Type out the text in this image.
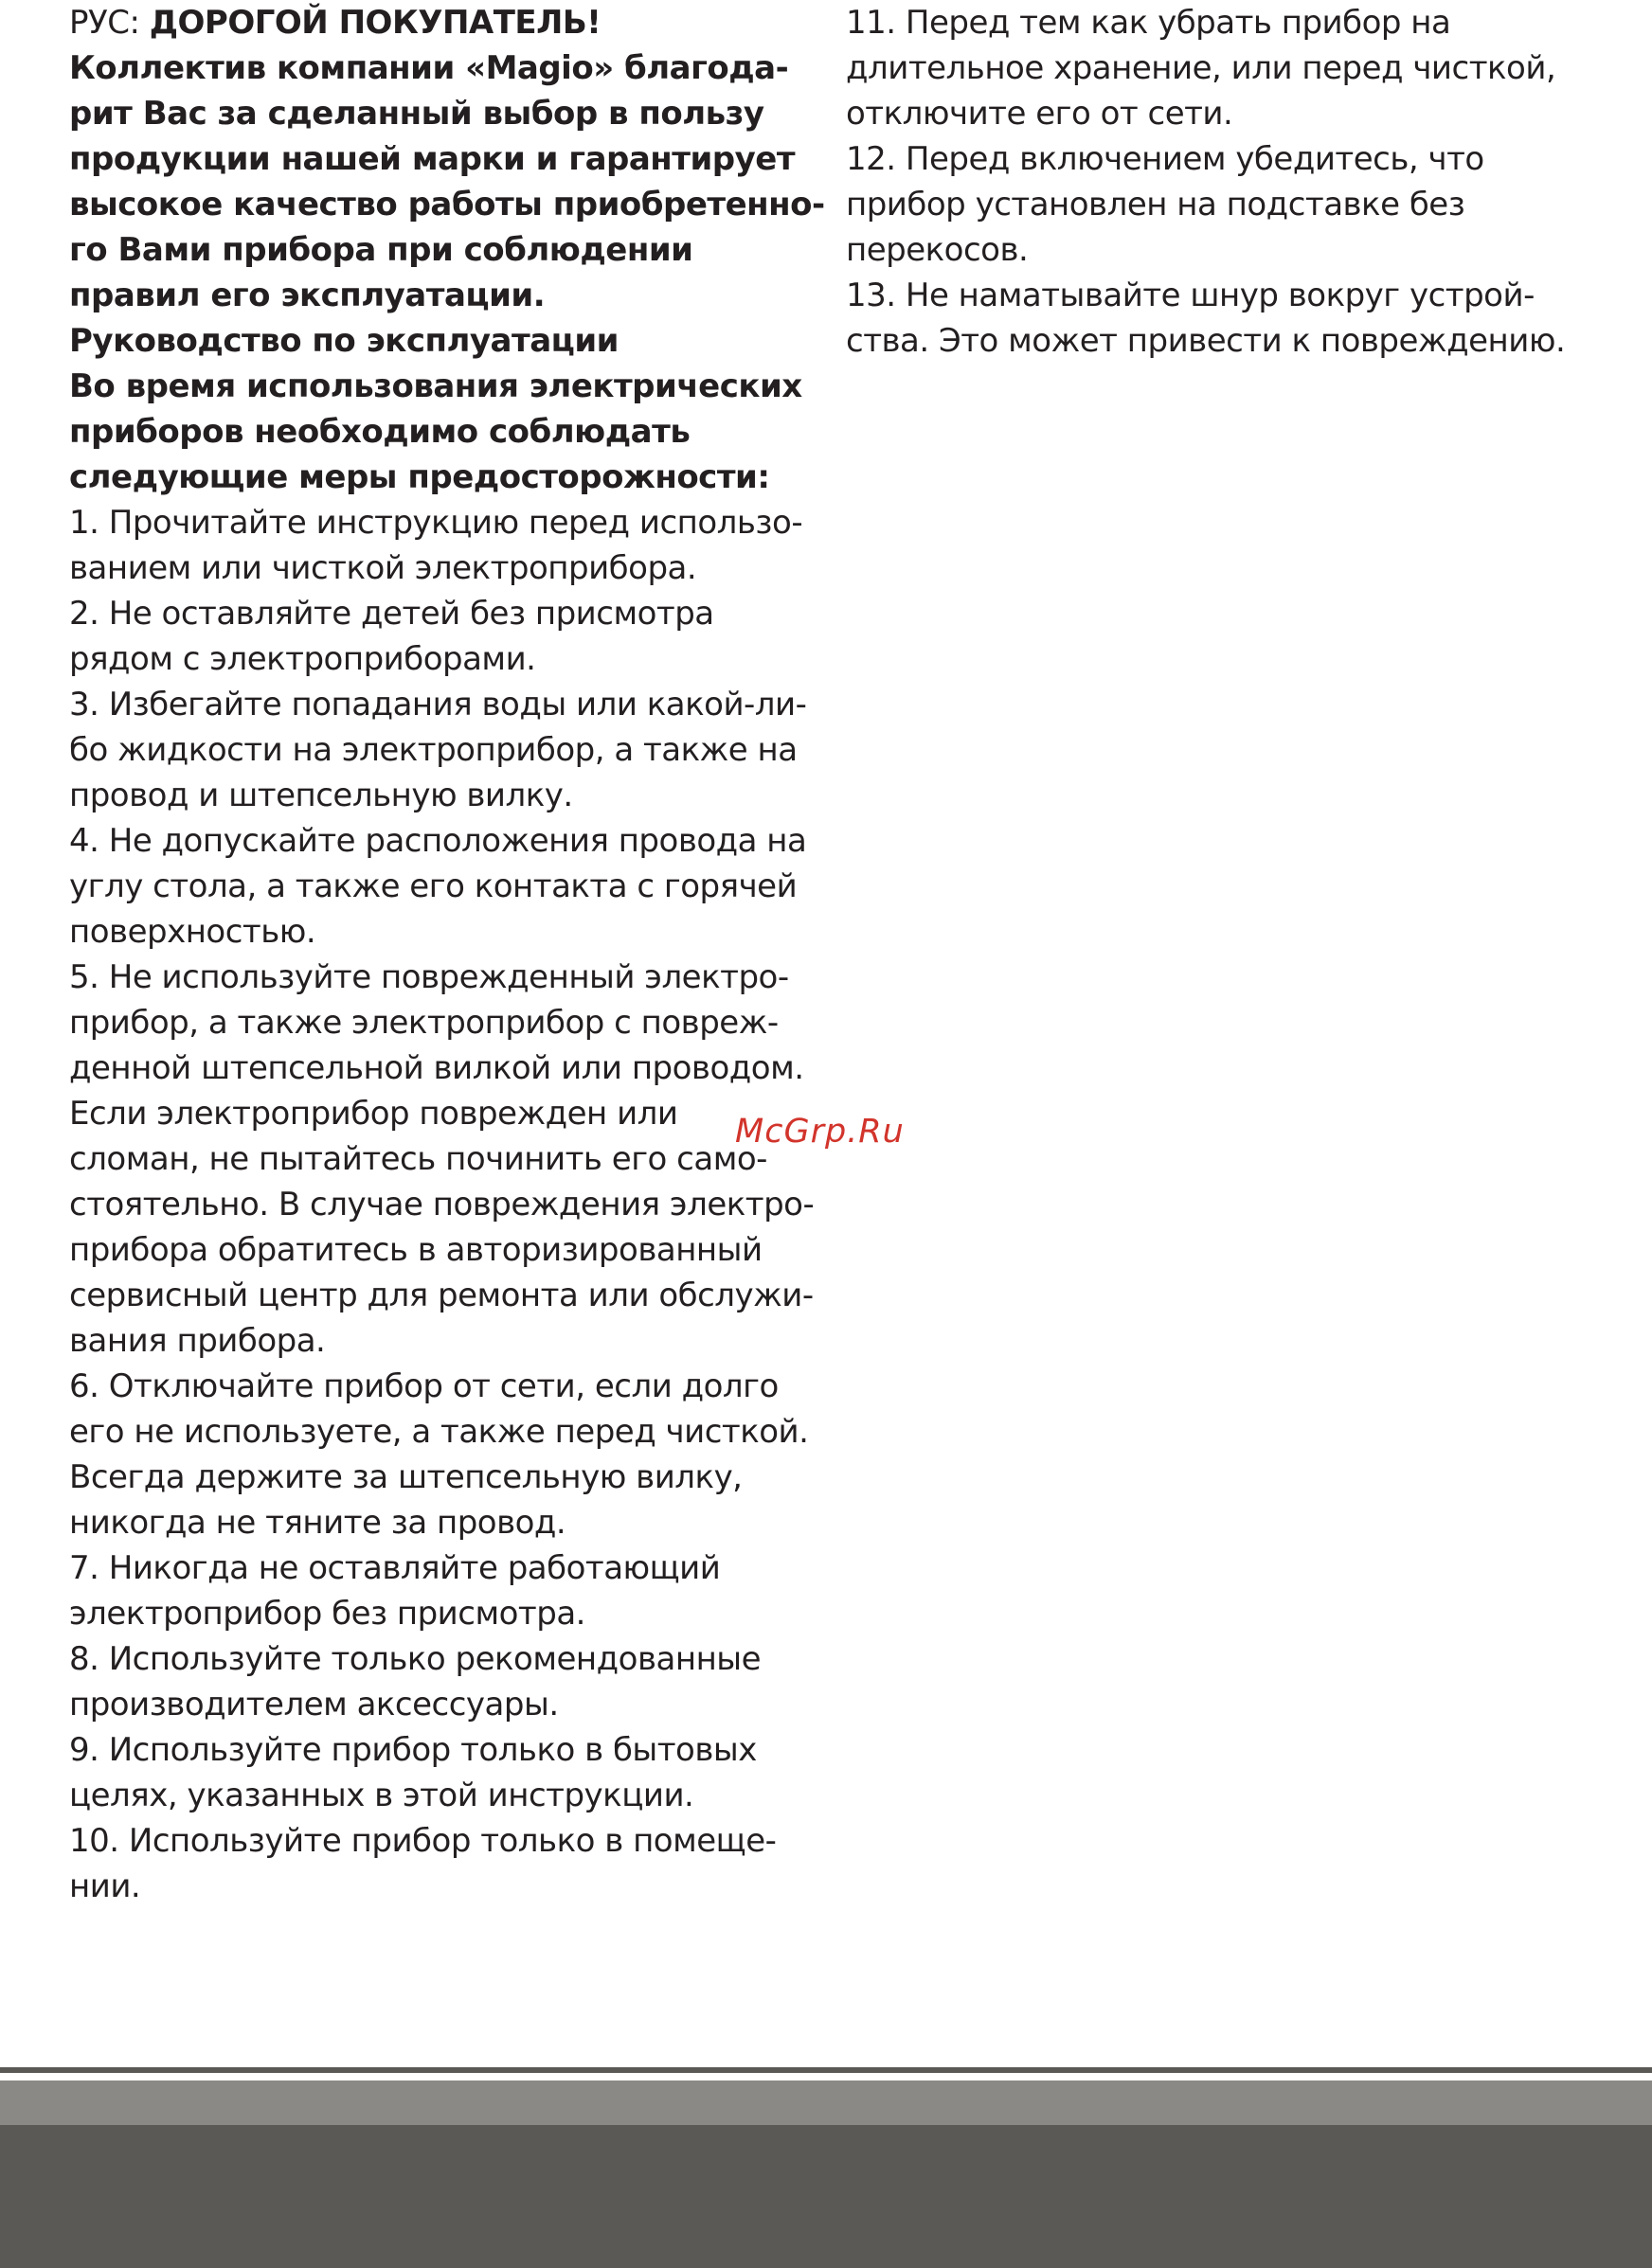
РУС: ДОРОГОЙ ПОКУПАТЕЛЬ!
Коллектив компании «Magio» благода-
рит Вас за сделанный выбор в пользу
продукции нашей марки и гарантирует
высокое качество работы приобретенно-
го Вами прибора при соблюдении
правил его эксплуатации.
Руководство по эксплуатации
Во время использования электрических
приборов необходимо соблюдать
следующие меры предосторожности:
1. Прочитайте инструкцию перед использо-
ванием или чисткой электроприбора.
2. Не оставляйте детей без присмотра
рядом с электроприборами.
3. Избегайте попадания воды или какой-ли-
бо жидкости на электроприбор, а также на
провод и штепсельную вилку.
4. Не допускайте расположения провода на
углу стола, а также его контакта с горячей
поверхностью.
5. Не используйте поврежденный электро-
прибор, а также электроприбор с повреж-
денной штепсельной вилкой или проводом.
Если электроприбор поврежден или
сломан, не пытайтесь починить его само-
стоятельно. В случае повреждения электро-
прибора обратитесь в авторизированный
сервисный центр для ремонта или обслужи-
вания прибора.
6. Отключайте прибор от сети, если долго
его не используете, а также перед чисткой.
Всегда держите за штепсельную вилку,
никогда не тяните за провод.
7. Никогда не оставляйте работающий
электроприбор без присмотра.
8. Используйте только рекомендованные
производителем аксессуары.
9. Используйте прибор только в бытовых
целях, указанных в этой инструкции.
10. Используйте прибор только в помеще-
нии.
11. Перед тем как убрать прибор на
длительное хранение, или перед чисткой,
отключите его от сети.
12. Перед включением убедитесь, что
прибор установлен на подставке без
перекосов.
13. Не наматывайте шнур вокруг устрой-
ства. Это может привести к повреждению.
McGrp.Ru
